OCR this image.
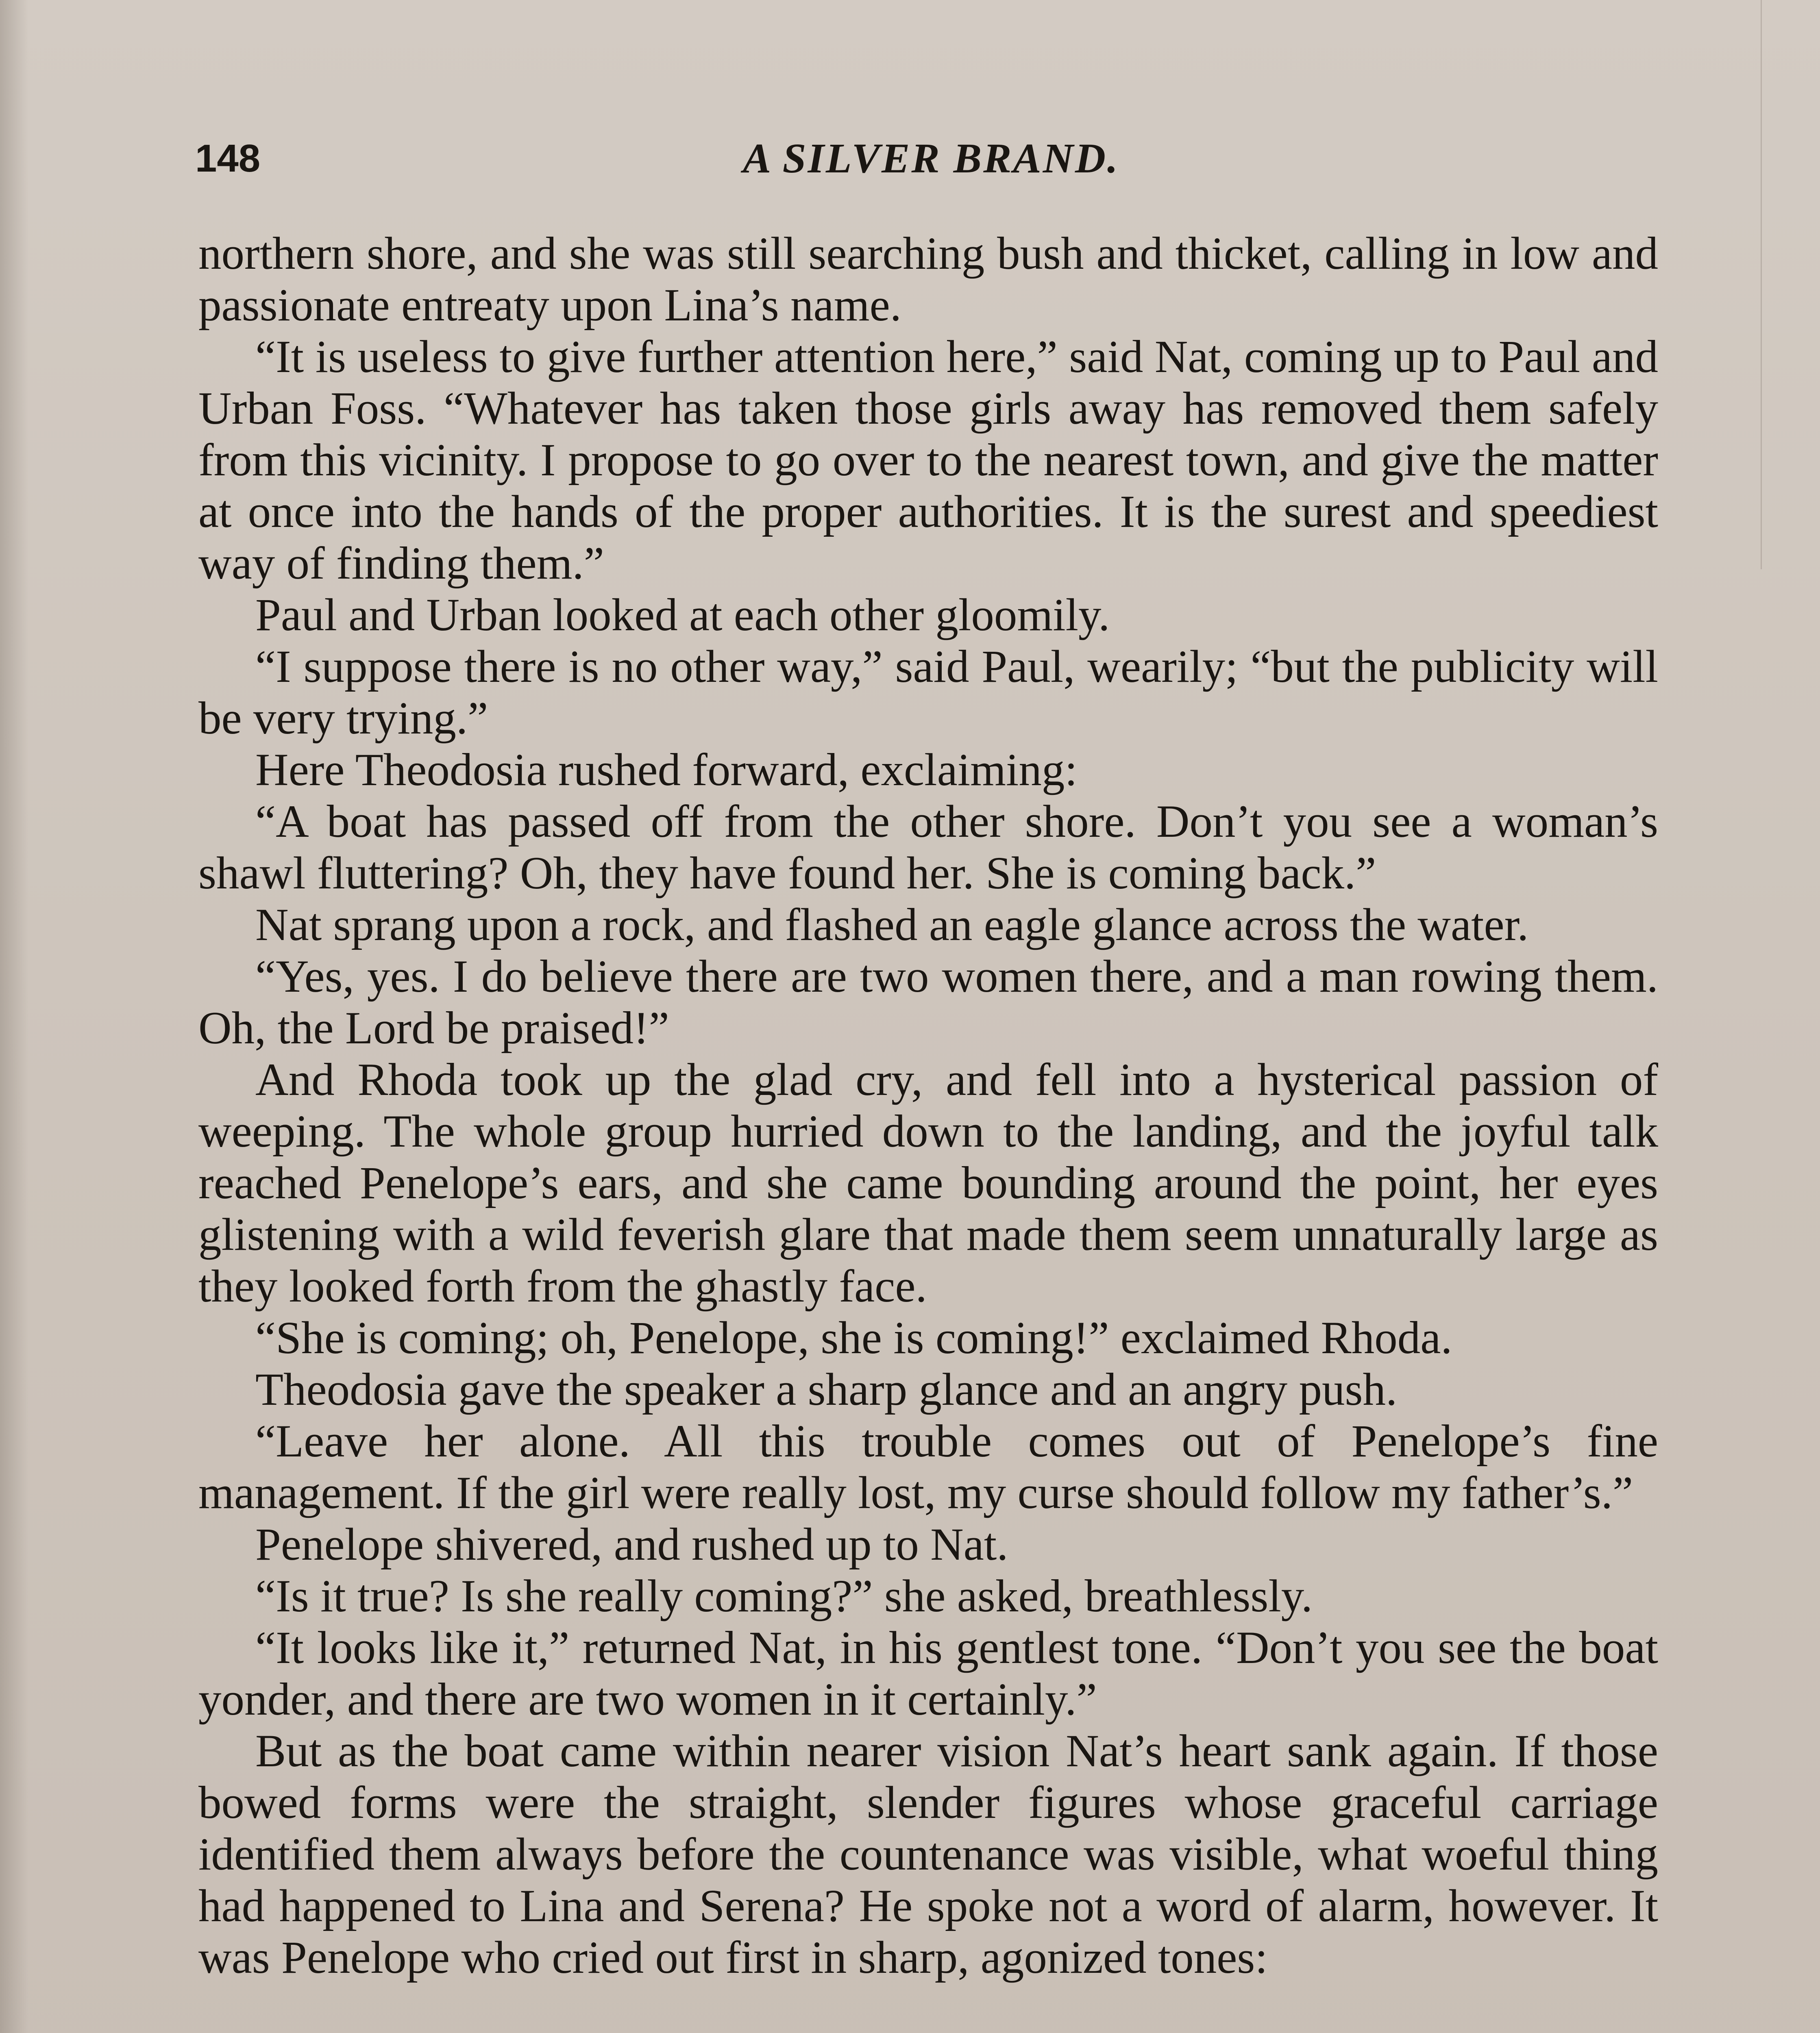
148	A SILVER BRAND.

northern shore, and she was still searching bush and thicket, calling in low and passionate entreaty upon Lina’s name.

“It is useless to give further attention here,” said Nat, coming up to Paul and Urban Foss. “Whatever has taken those girls away has removed them safely from this vicinity. I propose to go over to the nearest town, and give the matter at once into the hands of the proper authorities. It is the surest and speediest way of finding them.”

Paul and Urban looked at each other gloomily.

“I suppose there is no other way,” said Paul, wearily; “but the publicity will be very trying.”

Here Theodosia rushed forward, exclaiming:

“A boat has passed off from the other shore. Don’t you see a woman’s shawl fluttering? Oh, they have found her. She is coming back.”

Nat sprang upon a rock, and flashed an eagle glance across the water.

“Yes, yes. I do believe there are two women there, and a man rowing them. Oh, the Lord be praised!”

And Rhoda took up the glad cry, and fell into a hysterical passion of weeping. The whole group hurried down to the landing, and the joyful talk reached Penelope’s ears, and she came bounding around the point, her eyes glistening with a wild feverish glare that made them seem unnaturally large as they looked forth from the ghastly face.

“She is coming; oh, Penelope, she is coming!” exclaimed Rhoda.

Theodosia gave the speaker a sharp glance and an angry push.

“Leave her alone. All this trouble comes out of Penelope’s fine management. If the girl were really lost, my curse should follow my father’s.”

Penelope shivered, and rushed up to Nat.

“Is it true? Is she really coming?” she asked, breathlessly.

“It looks like it,” returned Nat, in his gentlest tone. “Don’t you see the boat yonder, and there are two women in it certainly.”

But as the boat came within nearer vision Nat’s heart sank again. If those bowed forms were the straight, slender figures whose graceful carriage identified them always before the countenance was visible, what woeful thing had happened to Lina and Serena? He spoke not a word of alarm, however. It was Penelope who cried out first in sharp, agonized tones:
